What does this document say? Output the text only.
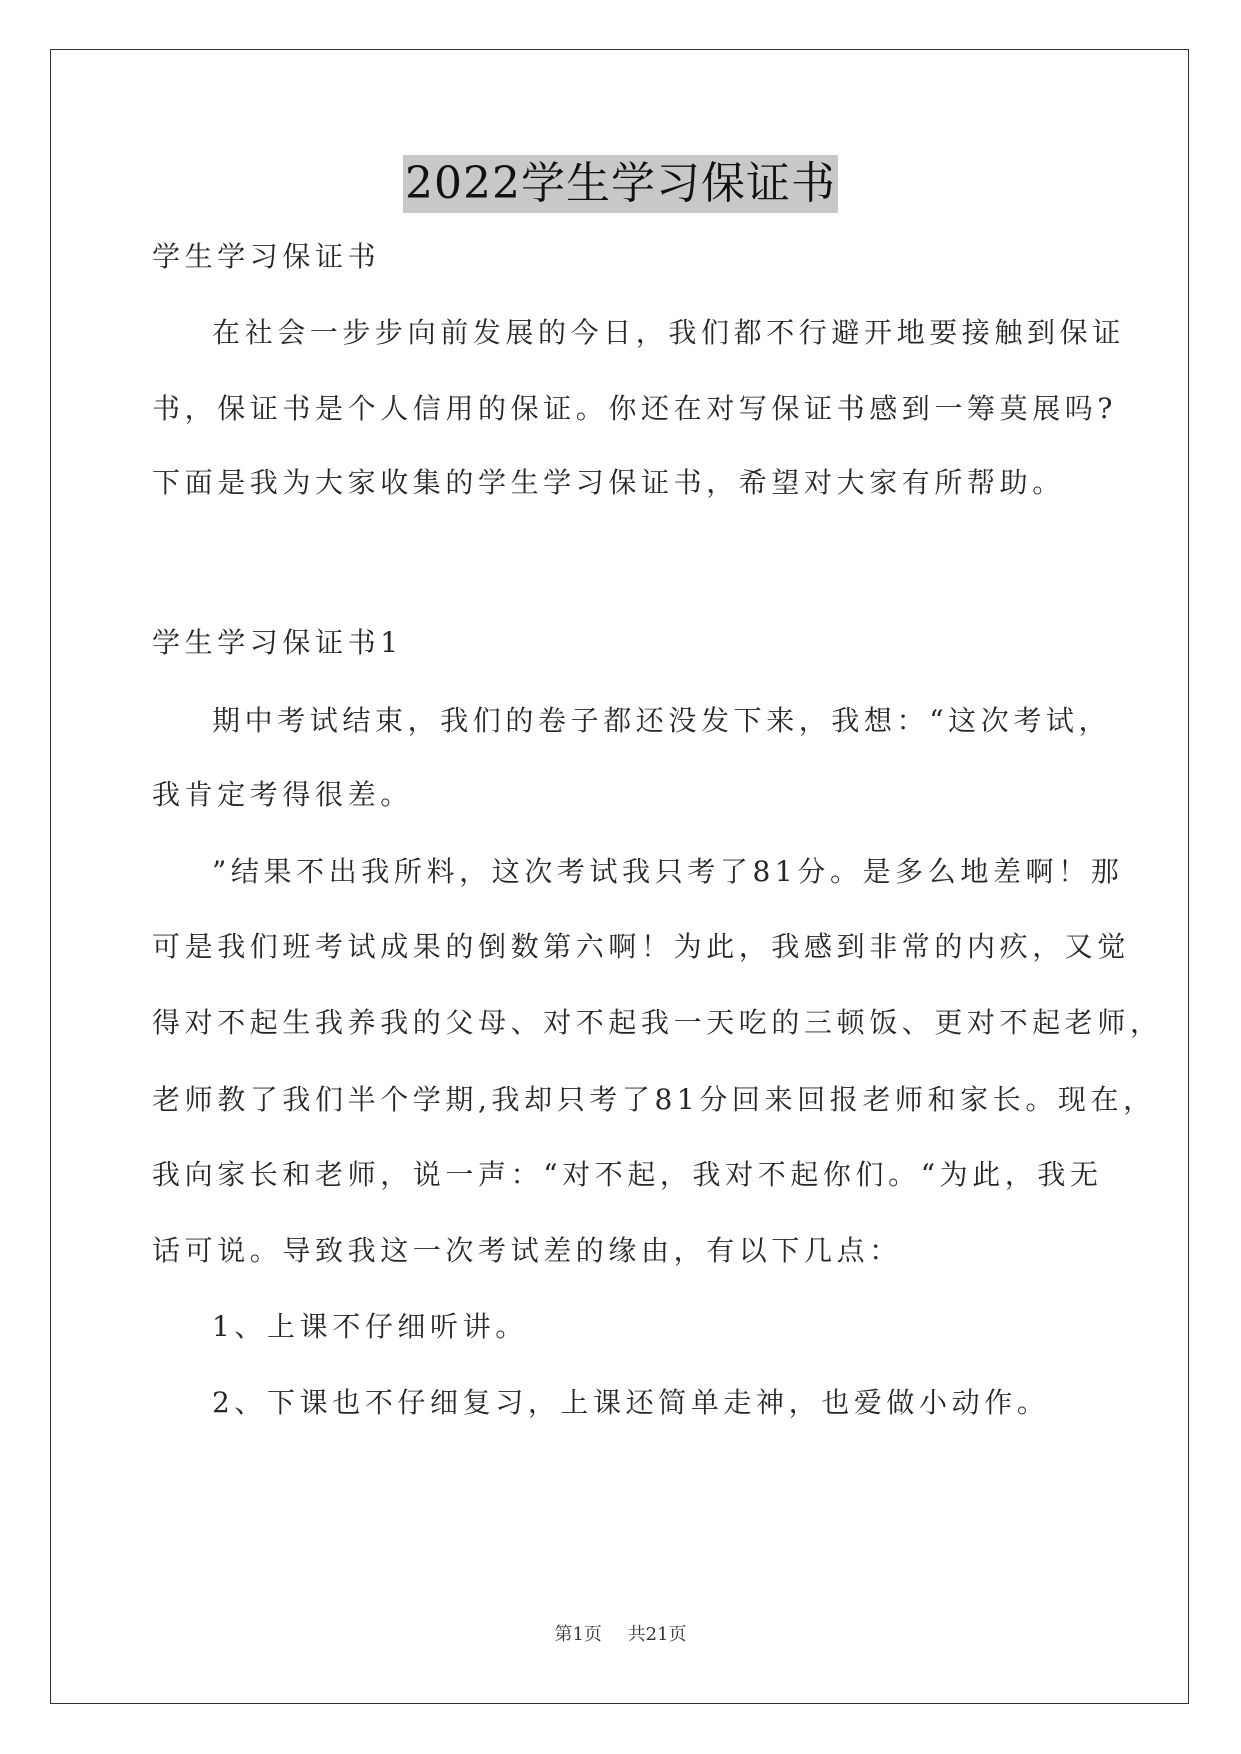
2022学生学习保证书
学生学习保证书
在社会一步步向前发展的今日，我们都不行避开地要接触到保证
书，保证书是个人信用的保证。你还在对写保证书感到一筹莫展吗?
下面是我为大家收集的学生学习保证书，希望对大家有所帮助。
学生学习保证书1
期中考试结束，我们的卷子都还没发下来，我想：“这次考试，
我肯定考得很差。
”结果不出我所料，这次考试我只考了81分。是多么地差啊！那
可是我们班考试成果的倒数第六啊！为此，我感到非常的内疚，又觉
得对不起生我养我的父母、对不起我一天吃的三顿饭、更对不起老师，
老师教了我们半个学期,我却只考了81分回来回报老师和家长。现在，
我向家长和老师，说一声：“对不起，我对不起你们。“为此，我无
话可说。导致我这一次考试差的缘由，有以下几点：
1、上课不仔细听讲。
2、下课也不仔细复习，上课还简单走神，也爱做小动作。
第1页 共21页
